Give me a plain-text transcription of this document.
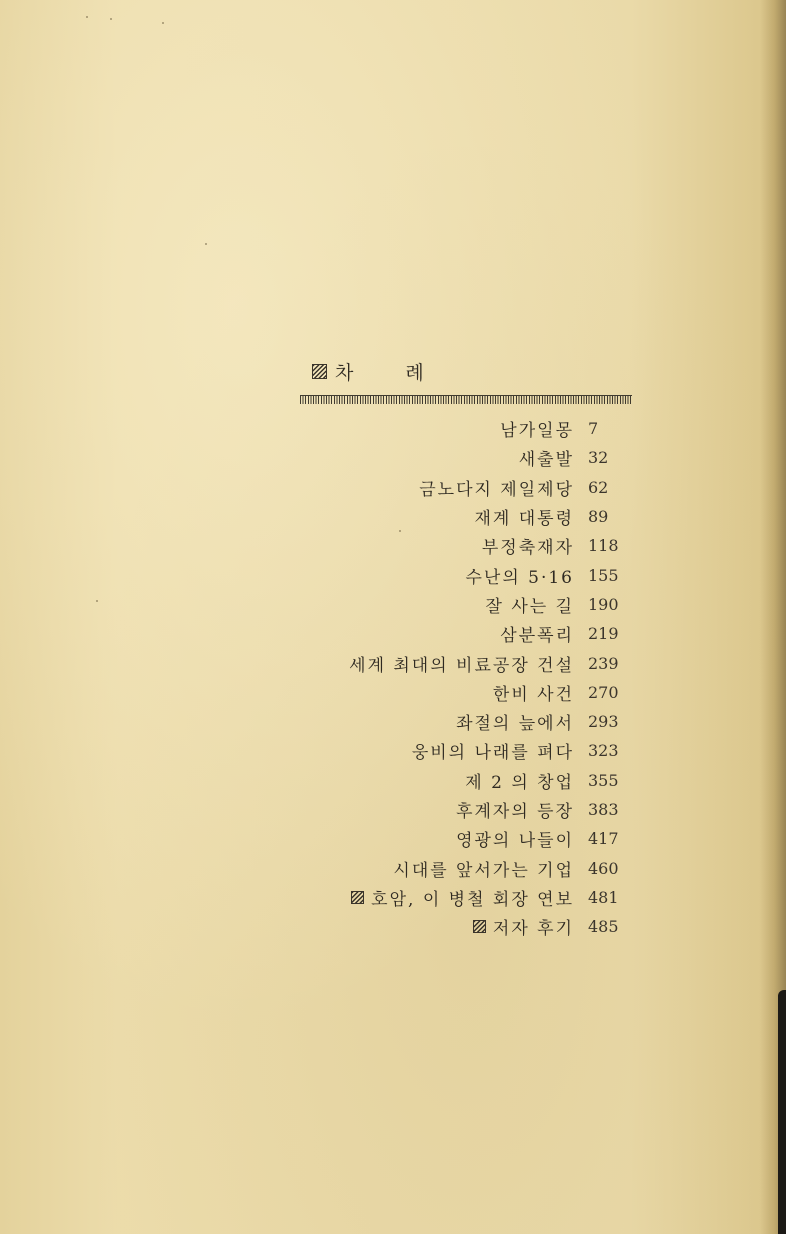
차 례
남가일몽 7
새출발 32
금노다지 제일제당 62
재계 대통령 89
부정축재자 118
수난의 5·16 155
잘 사는 길 190
삼분폭리 219
세계 최대의 비료공장 건설 239
한비 사건 270
좌절의 늪에서 293
웅비의 나래를 펴다 323
제 2 의 창업 355
후계자의 등장 383
영광의 나들이 417
시대를 앞서가는 기업 460
호암, 이 병철 회장 연보 481
저자 후기 485
